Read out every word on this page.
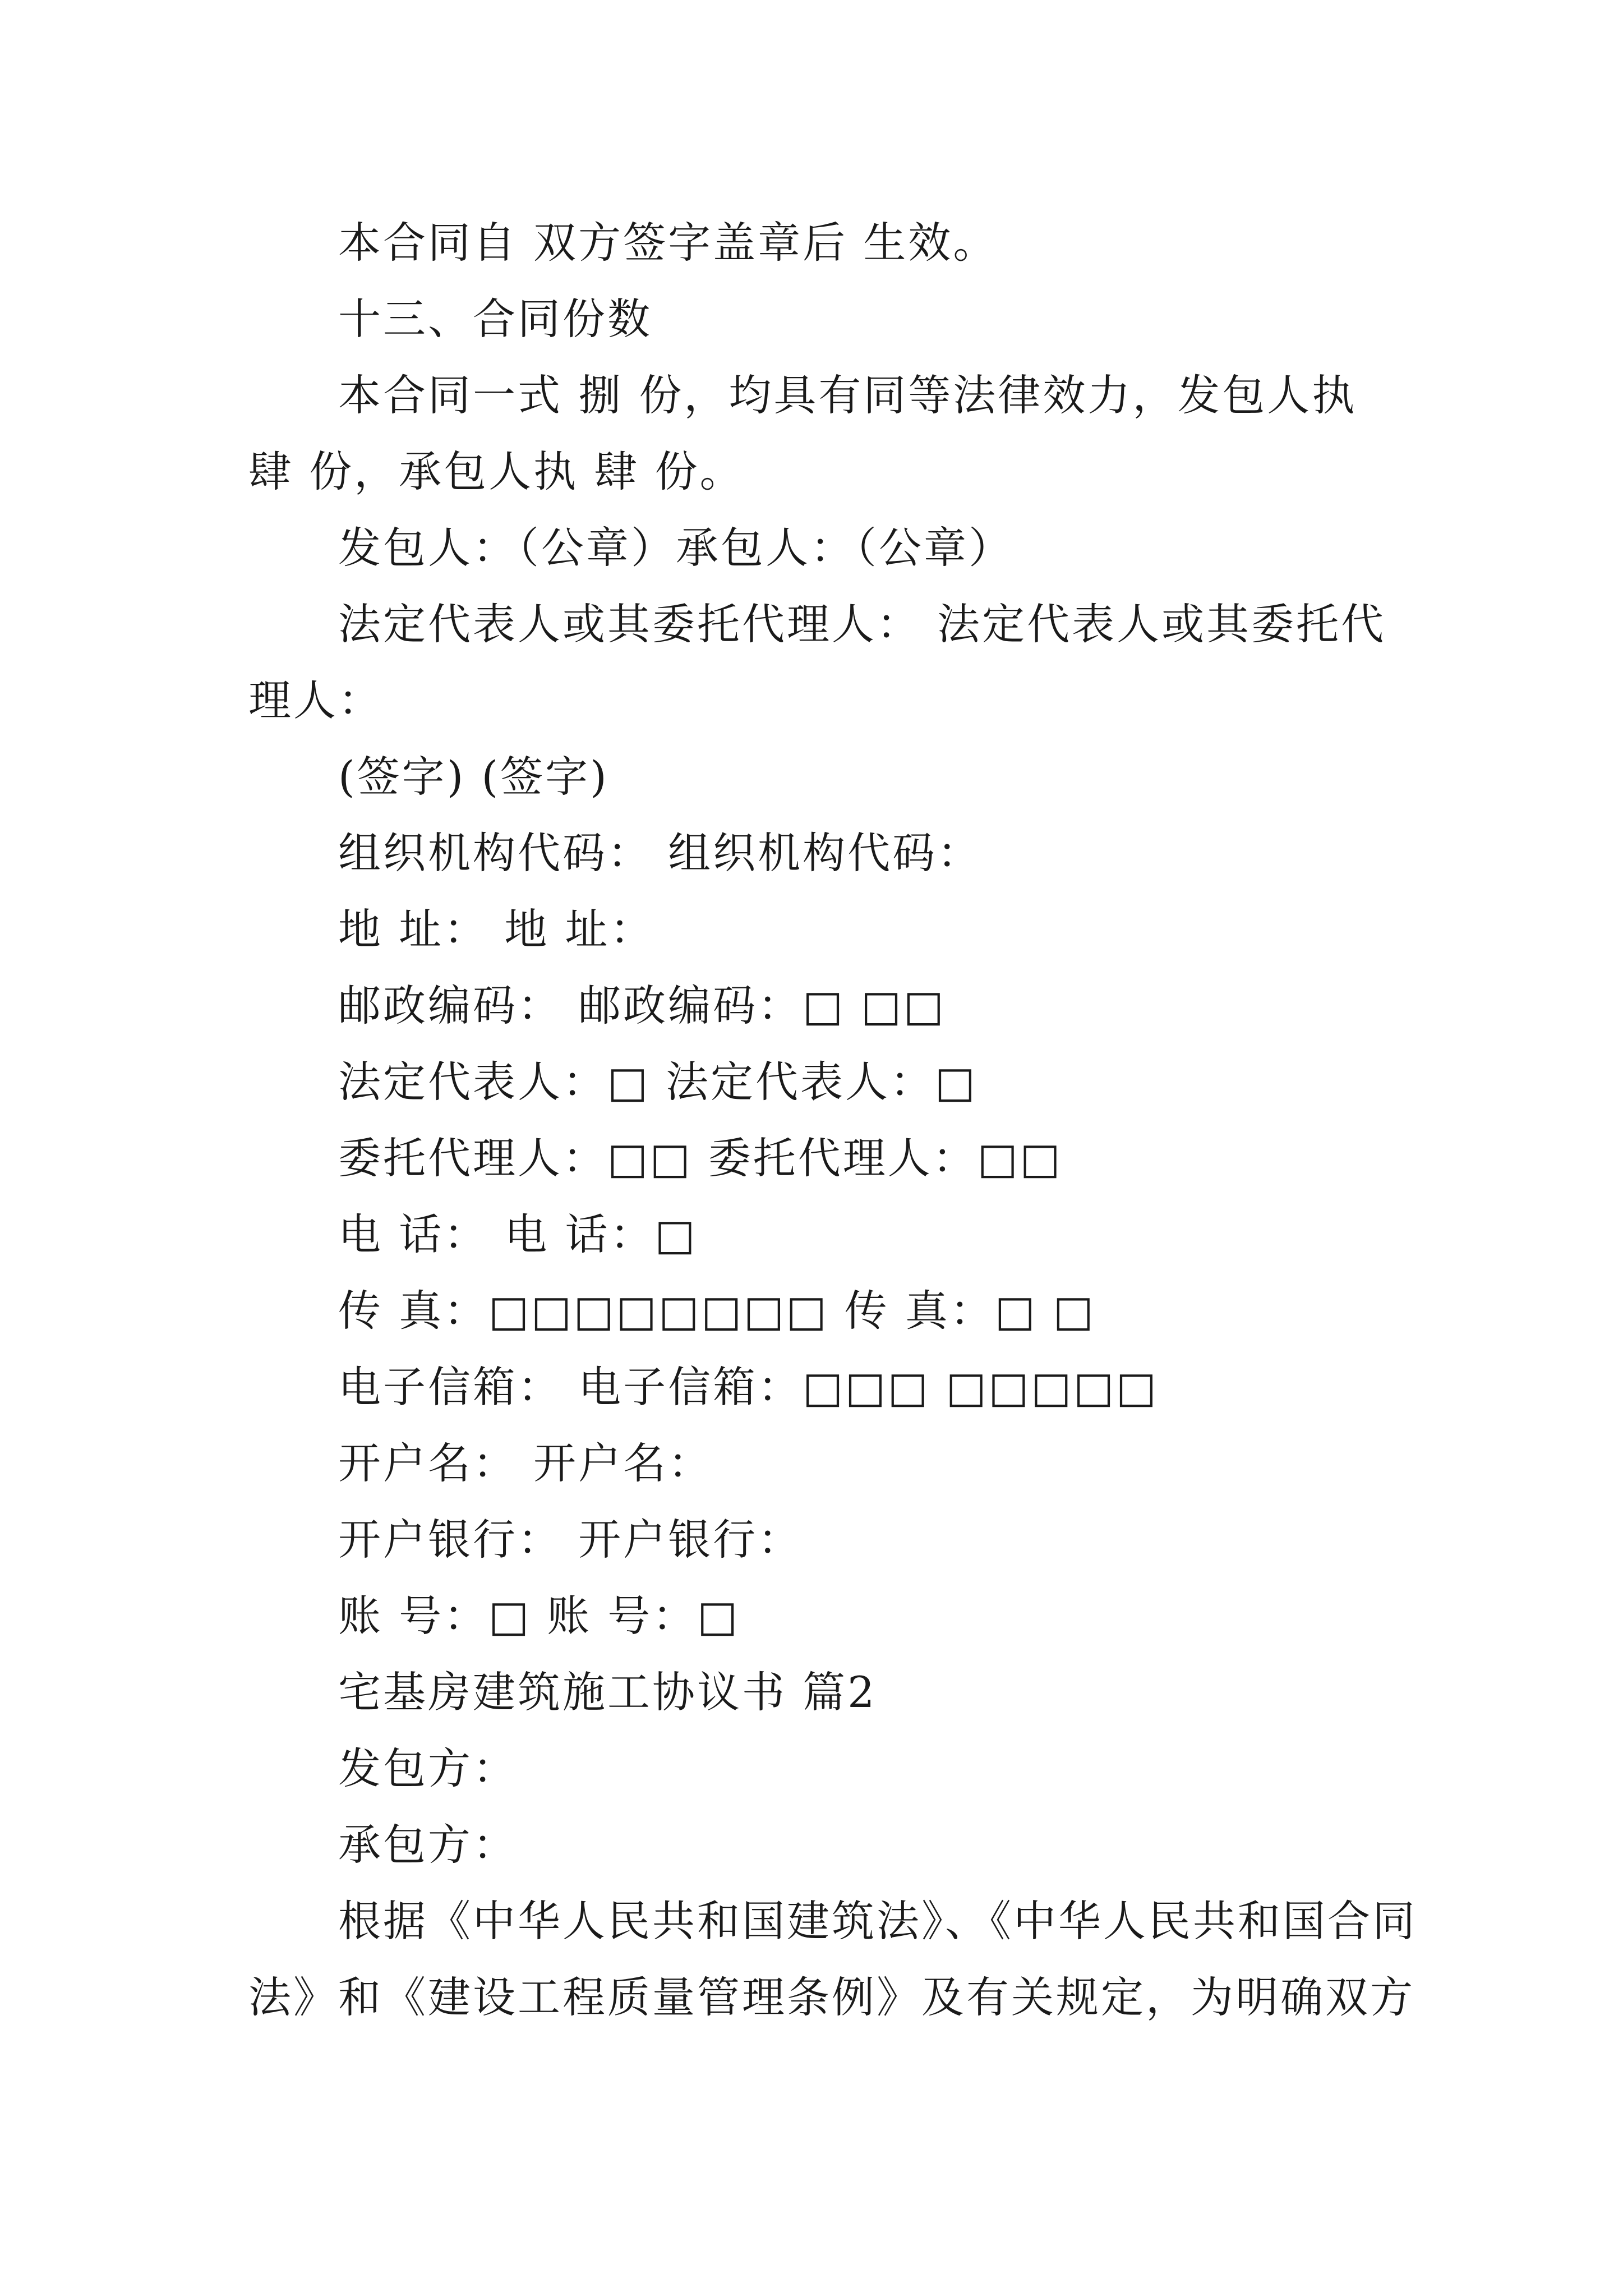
本合同自 双方签字盖章后 生效。
十三、合同份数
本合同一式 捌 份，均具有同等法律效力，发包人执
肆 份，承包人执 肆 份。
发包人：（公章）承包人：（公章）
法定代表人或其委托代理人： 法定代表人或其委托代
理人：
(签字) (签字)
组织机构代码： 组织机构代码：
地 址： 地 址：
邮政编码： 邮政编码：□ □□
法定代表人：□ 法定代表人：□
委托代理人：□□ 委托代理人：□□
电 话： 电 话：□
传 真：□□□□□□□□ 传 真：□ □
电子信箱： 电子信箱：□□□ □□□□□
开户名： 开户名：
开户银行： 开户银行：
账 号：□ 账 号：□
宅基房建筑施工协议书 篇2
发包方：
承包方：
根据《中华人民共和国建筑法》、《中华人民共和国合同
法》和《建设工程质量管理条例》及有关规定，为明确双方
